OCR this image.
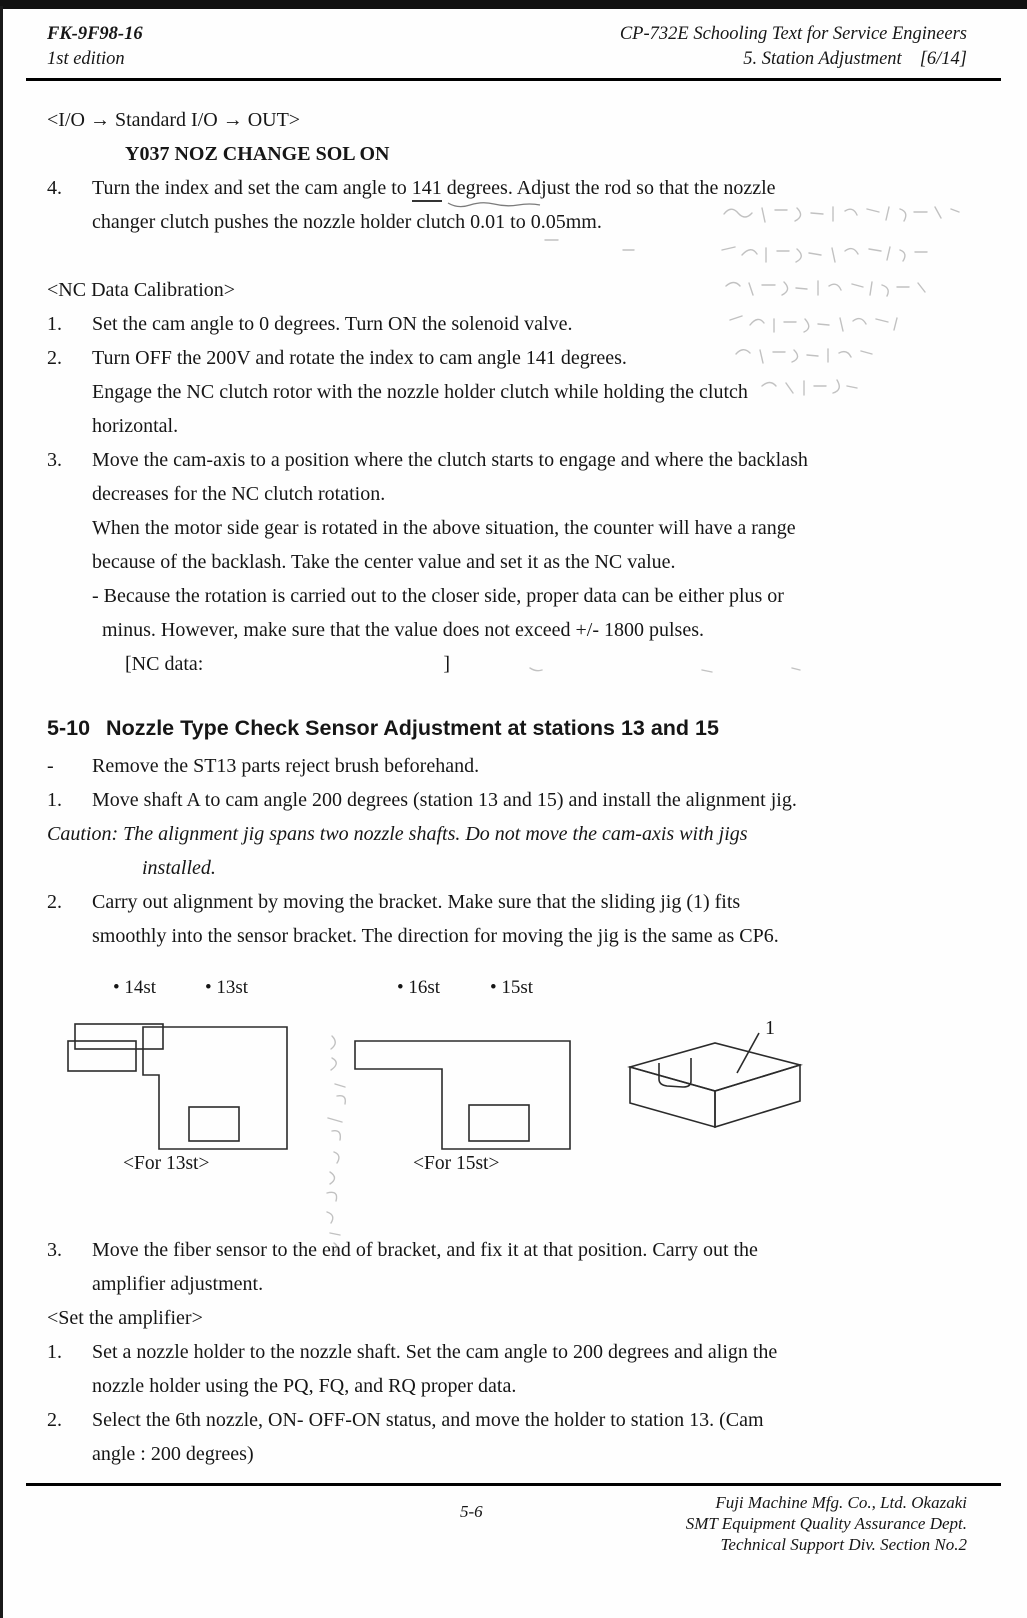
FK-9F98-16
1st edition
CP-732E Schooling Text for Service Engineers
5. Station Adjustment [6/14]
<I/O → Standard I/O → OUT>
Y037 NOZ CHANGE SOL ON
4.	Turn the index and set the cam angle to 141 degrees. Adjust the rod so that the nozzle
changer clutch pushes the nozzle holder clutch 0.01 to 0.05mm.
<NC Data Calibration>
1.	Set the cam angle to 0 degrees. Turn ON the solenoid valve.
2.	Turn OFF the 200V and rotate the index to cam angle 141 degrees.
Engage the NC clutch rotor with the nozzle holder clutch while holding the clutch
horizontal.
3.	Move the cam-axis to a position where the clutch starts to engage and where the backlash
decreases for the NC clutch rotation.
When the motor side gear is rotated in the above situation, the counter will have a range
because of the backlash. Take the center value and set it as the NC value.
- Because the rotation is carried out to the closer side, proper data can be either plus or
minus. However, make sure that the value does not exceed +/- 1800 pulses.
[NC data:	]
5-10 Nozzle Type Check Sensor Adjustment at stations 13 and 15
-	Remove the ST13 parts reject brush beforehand.
1.	Move shaft A to cam angle 200 degrees (station 13 and 15) and install the alignment jig.
Caution: The alignment jig spans two nozzle shafts. Do not move the cam-axis with jigs
installed.
2.	Carry out alignment by moving the bracket. Make sure that the sliding jig (1) fits
smoothly into the sensor bracket. The direction for moving the jig is the same as CP6.
• 14st	• 13st	• 16st	• 15st
1
<For 13st>	<For 15st>
3.	Move the fiber sensor to the end of bracket, and fix it at that position. Carry out the
amplifier adjustment.
<Set the amplifier>
1.	Set a nozzle holder to the nozzle shaft. Set the cam angle to 200 degrees and align the
nozzle holder using the PQ, FQ, and RQ proper data.
2.	Select the 6th nozzle, ON- OFF-ON status, and move the holder to station 13. (Cam
angle : 200 degrees)
5-6	Fuji Machine Mfg. Co., Ltd. Okazaki
SMT Equipment Quality Assurance Dept.
Technical Support Div. Section No.2
